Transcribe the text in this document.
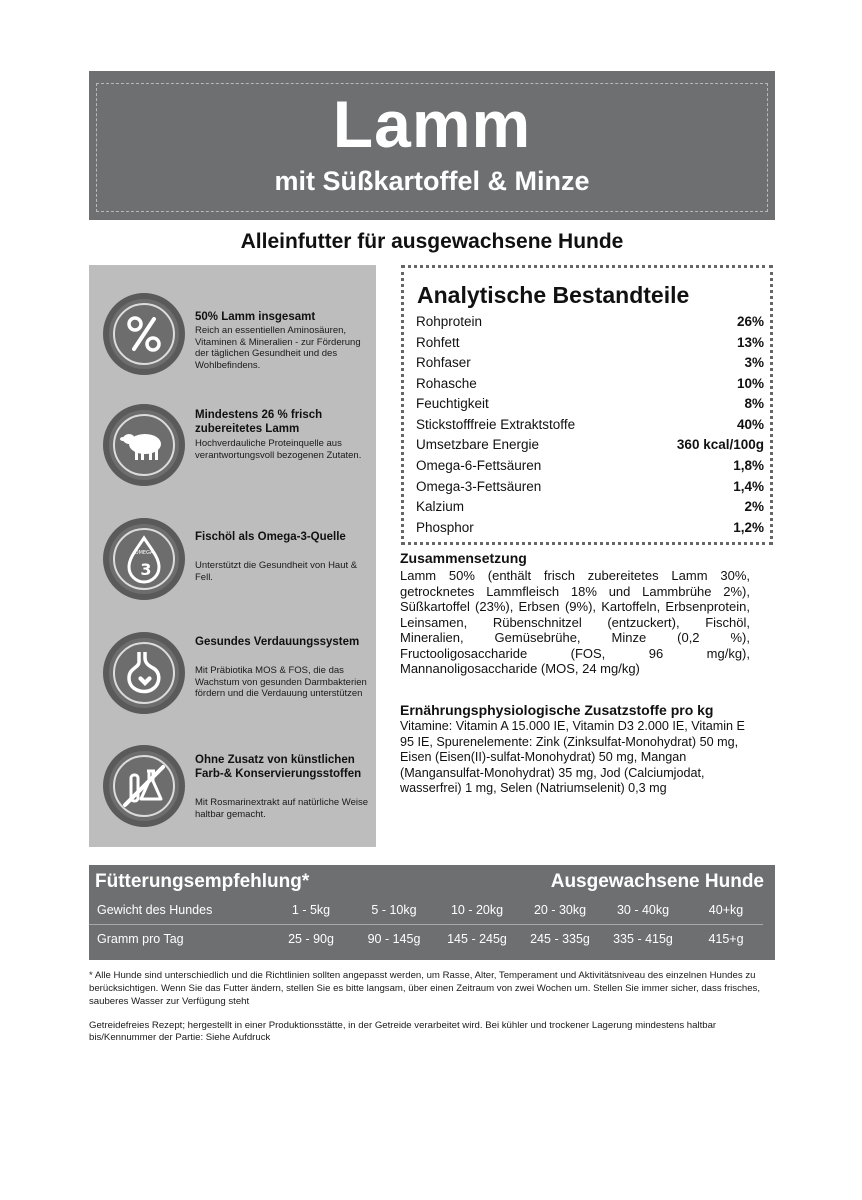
Lamm
mit Süßkartoffel & Minze
Alleinfutter für ausgewachsene Hunde
50% Lamm insgesamt
Reich an essentiellen Aminosäuren, Vitaminen & Mineralien - zur Förderung der täglichen Gesundheit und des Wohlbefindens.
Mindestens 26 % frisch zubereitetes Lamm
Hochverdauliche Proteinquelle aus verantwortungsvoll bezogenen Zutaten.
OMEGA
3
Fischöl als Omega-3-Quelle
Unterstützt die Gesundheit von Haut & Fell.
Gesundes Verdauungssystem
Mit Präbiotika MOS & FOS, die das Wachstum von gesunden Darmbakterien fördern und die Verdauung unterstützen
Ohne Zusatz von künstlichen Farb-& Konservierungsstoffen
Mit Rosmarinextrakt auf natürliche Weise haltbar gemacht.
Analytische Bestandteile
Rohprotein	26%
Rohfett	13%
Rohfaser	3%
Rohasche	10%
Feuchtigkeit	8%
Stickstofffreie Extraktstoffe	40%
Umsetzbare Energie	360 kcal/100g
Omega-6-Fettsäuren	1,8%
Omega-3-Fettsäuren	1,4%
Kalzium	2%
Phosphor	1,2%
Zusammensetzung
Lamm 50% (enthält frisch zubereitetes Lamm 30%, getrocknetes Lammfleisch 18% und Lammbrühe 2%), Süßkartoffel (23%), Erbsen (9%), Kartoffeln, Erbsenprotein, Leinsamen, Rübenschnitzel (entzuckert), Fischöl, Mineralien, Gemüsebrühe, Minze (0,2 %), Fructooligosaccharide (FOS, 96 mg/kg), Mannanoligosaccharide (MOS, 24 mg/kg)
Ernährungsphysiologische Zusatzstoffe pro kg
Vitamine: Vitamin A 15.000 IE, Vitamin D3 2.000 IE, Vitamin E 95 IE, Spurenelemente: Zink (Zinksulfat-Monohydrat) 50 mg, Eisen (Eisen(II)-sulfat-Monohydrat) 50 mg, Mangan (Mangansulfat-Monohydrat) 35 mg, Jod (Calciumjodat, wasserfrei) 1 mg, Selen (Natriumselenit) 0,3 mg
Fütterungsempfehlung*	Ausgewachsene Hunde
Gewicht des Hundes	1 - 5kg	5 - 10kg	10 - 20kg	20 - 30kg	30 - 40kg	40+kg
Gramm pro Tag	25 - 90g	90 - 145g	145 - 245g	245 - 335g	335 - 415g	415+g
* Alle Hunde sind unterschiedlich und die Richtlinien sollten angepasst werden, um Rasse, Alter, Temperament und Aktivitätsniveau des einzelnen Hundes zu berücksichtigen. Wenn Sie das Futter ändern, stellen Sie es bitte langsam, über einen Zeitraum von zwei Wochen um. Stellen Sie immer sicher, dass frisches, sauberes Wasser zur Verfügung steht
Getreidefreies Rezept; hergestellt in einer Produktionsstätte, in der Getreide verarbeitet wird. Bei kühler und trockener Lagerung mindestens haltbar bis/Kennummer der Partie: Siehe Aufdruck
